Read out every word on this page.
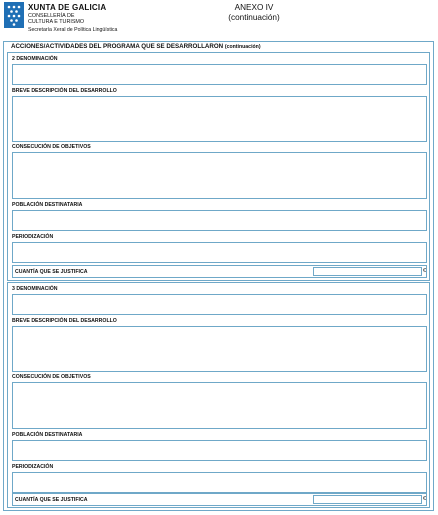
XUNTA DE GALICIA
CONSELLERÍA DE
CULTURA E TURISMO
Secretaría Xeral de Política Lingüística
ANEXO IV
(continuación)
ACCIONES/ACTIVIDADES DEL PROGRAMA QUE SE DESARROLLARON (continuación)
2 DENOMINACIÓN
BREVE DESCRIPCIÓN DEL DESARROLLO
CONSECUCIÓN DE OBJETIVOS
POBLACIÓN DESTINATARIA
PERIODIZACIÓN
CUANTÍA QUE SE JUSTIFICA	€
3 DENOMINACIÓN
BREVE DESCRIPCIÓN DEL DESARROLLO
CONSECUCIÓN DE OBJETIVOS
POBLACIÓN DESTINATARIA
PERIODIZACIÓN
CUANTÍA QUE SE JUSTIFICA	€
